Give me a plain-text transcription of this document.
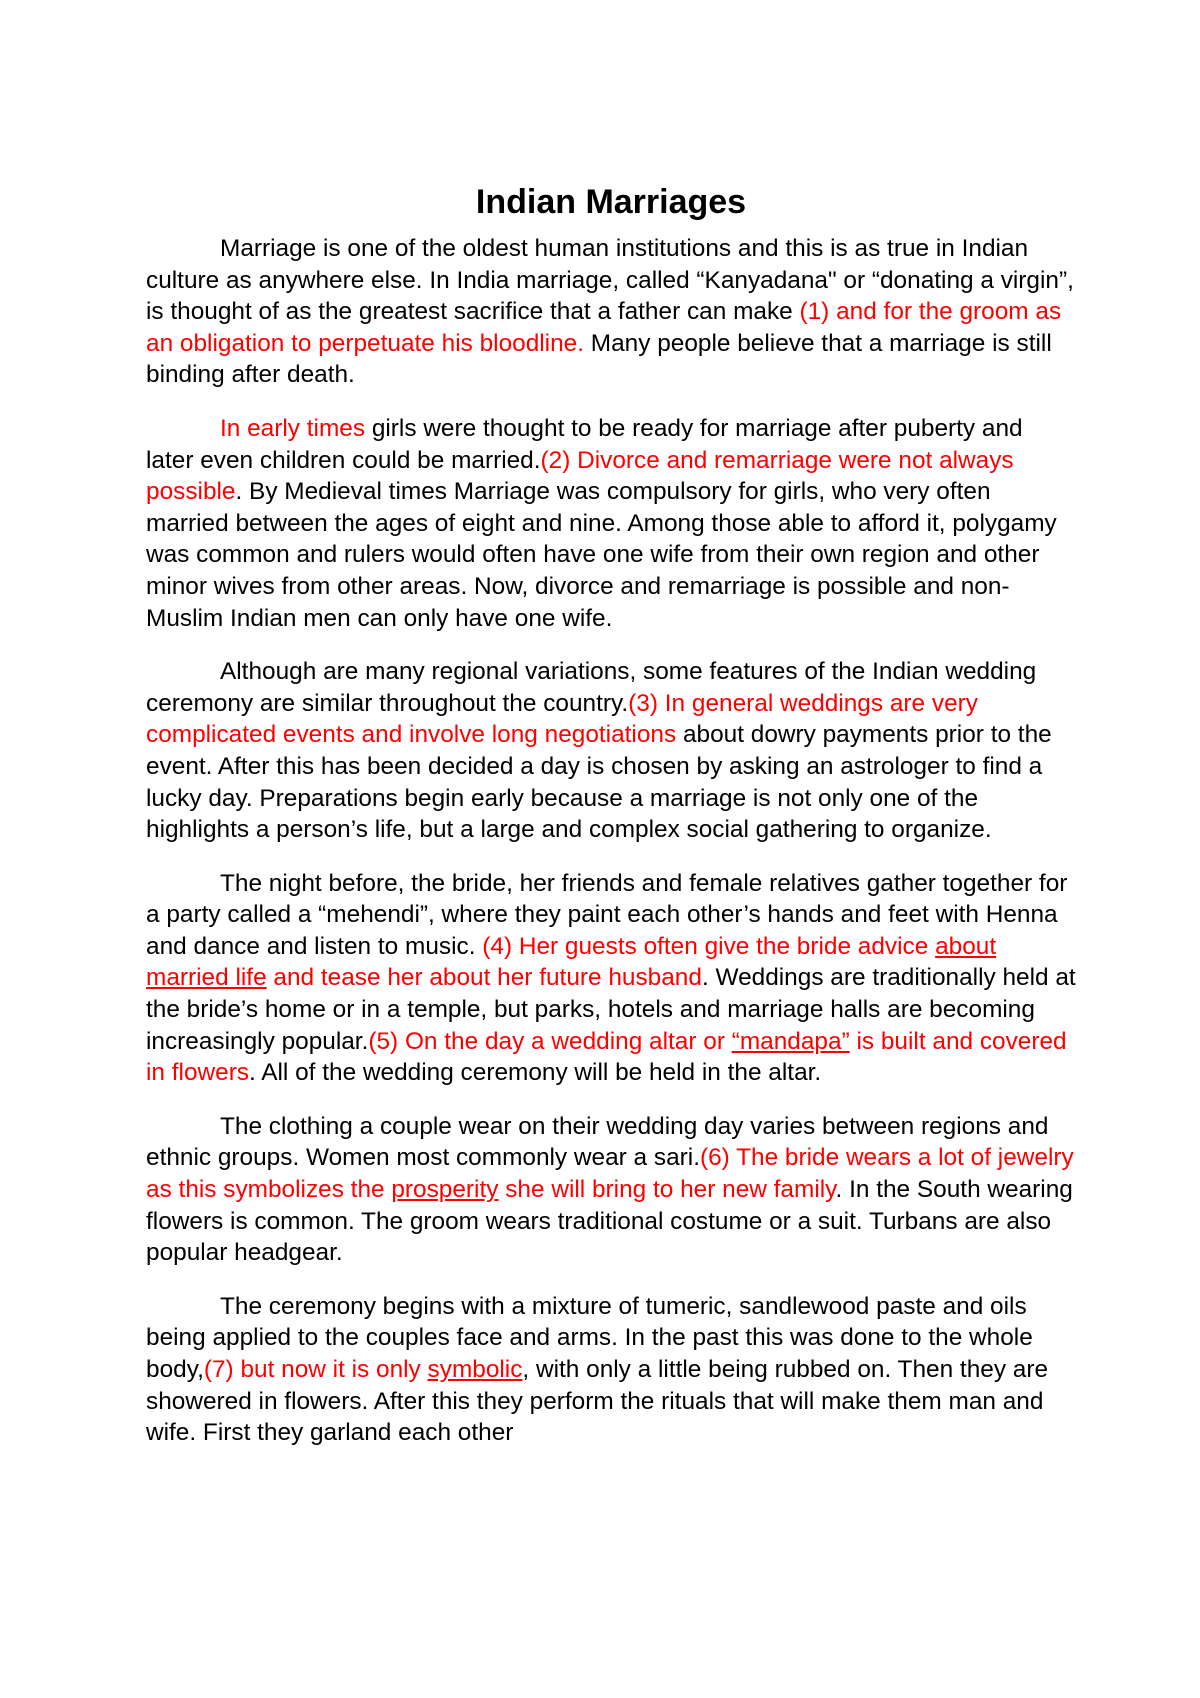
Indian Marriages

Marriage is one of the oldest human institutions and this is as true in Indian culture as anywhere else. In India marriage, called “Kanyadana" or “donating a virgin”, is thought of as the greatest sacrifice that a father can make (1) and for the groom as an obligation to perpetuate his bloodline. Many people believe that a marriage is still binding after death.

In early times girls were thought to be ready for marriage after puberty and later even children could be married.(2) Divorce and remarriage were not always possible. By Medieval times Marriage was compulsory for girls, who very often married between the ages of eight and nine. Among those able to afford it, polygamy was common and rulers would often have one wife from their own region and other minor wives from other areas. Now, divorce and remarriage is possible and non-Muslim Indian men can only have one wife.

Although are many regional variations, some features of the Indian wedding ceremony are similar throughout the country.(3) In general weddings are very complicated events and involve long negotiations about dowry payments prior to the event. After this has been decided a day is chosen by asking an astrologer to find a lucky day. Preparations begin early because a marriage is not only one of the highlights a person’s life, but a large and complex social gathering to organize.

The night before, the bride, her friends and female relatives gather together for a party called a “mehendi”, where they paint each other’s hands and feet with Henna and dance and listen to music. (4) Her guests often give the bride advice about married life and tease her about her future husband. Weddings are traditionally held at the bride’s home or in a temple, but parks, hotels and marriage halls are becoming increasingly popular.(5) On the day a wedding altar or “mandapa” is built and covered in flowers. All of the wedding ceremony will be held in the altar.

The clothing a couple wear on their wedding day varies between regions and ethnic groups. Women most commonly wear a sari.(6) The bride wears a lot of jewelry as this symbolizes the prosperity she will bring to her new family. In the South wearing flowers is common. The groom wears traditional costume or a suit. Turbans are also popular headgear.

The ceremony begins with a mixture of tumeric, sandlewood paste and oils being applied to the couples face and arms. In the past this was done to the whole body,(7) but now it is only symbolic, with only a little being rubbed on. Then they are showered in flowers. After this they perform the rituals that will make them man and wife. First they garland each other
